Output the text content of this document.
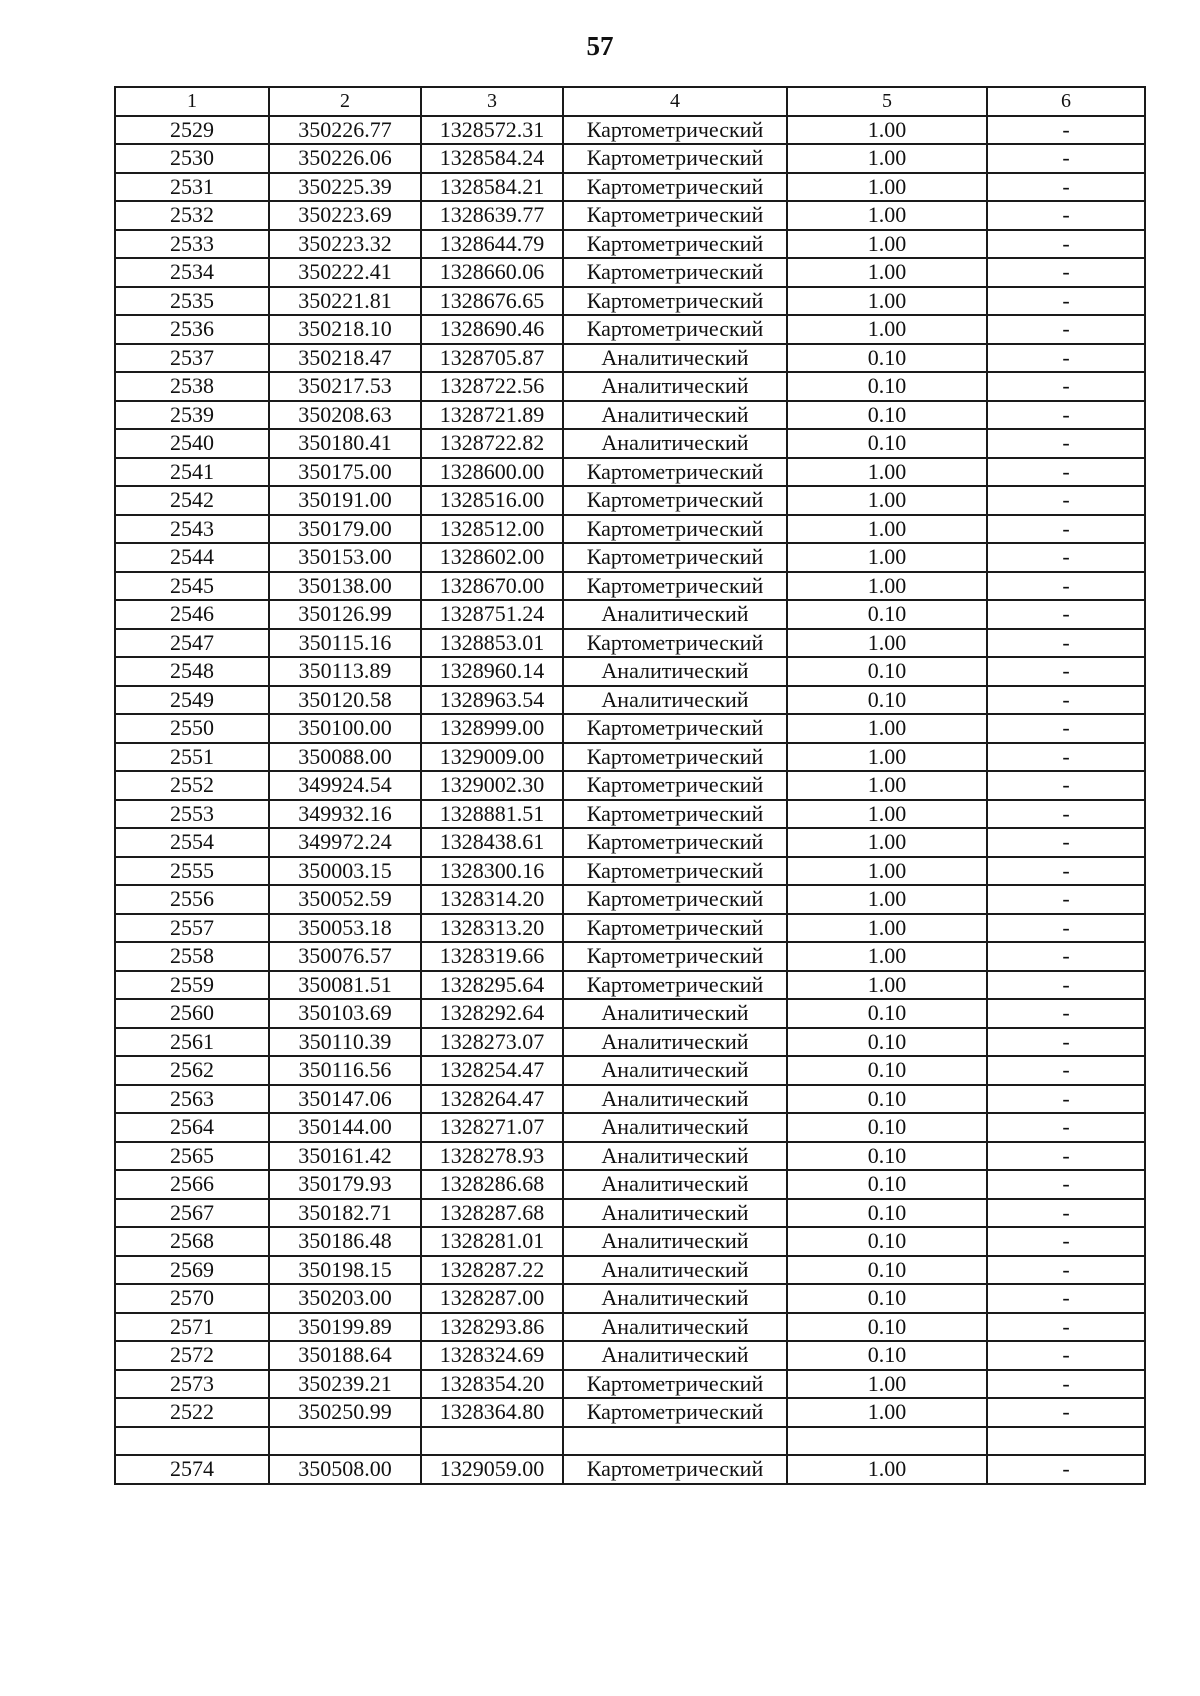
57
1	2	3	4	5	6
2529	350226.77	1328572.31	Картометрический	1.00	-
2530	350226.06	1328584.24	Картометрический	1.00	-
2531	350225.39	1328584.21	Картометрический	1.00	-
2532	350223.69	1328639.77	Картометрический	1.00	-
2533	350223.32	1328644.79	Картометрический	1.00	-
2534	350222.41	1328660.06	Картометрический	1.00	-
2535	350221.81	1328676.65	Картометрический	1.00	-
2536	350218.10	1328690.46	Картометрический	1.00	-
2537	350218.47	1328705.87	Аналитический	0.10	-
2538	350217.53	1328722.56	Аналитический	0.10	-
2539	350208.63	1328721.89	Аналитический	0.10	-
2540	350180.41	1328722.82	Аналитический	0.10	-
2541	350175.00	1328600.00	Картометрический	1.00	-
2542	350191.00	1328516.00	Картометрический	1.00	-
2543	350179.00	1328512.00	Картометрический	1.00	-
2544	350153.00	1328602.00	Картометрический	1.00	-
2545	350138.00	1328670.00	Картометрический	1.00	-
2546	350126.99	1328751.24	Аналитический	0.10	-
2547	350115.16	1328853.01	Картометрический	1.00	-
2548	350113.89	1328960.14	Аналитический	0.10	-
2549	350120.58	1328963.54	Аналитический	0.10	-
2550	350100.00	1328999.00	Картометрический	1.00	-
2551	350088.00	1329009.00	Картометрический	1.00	-
2552	349924.54	1329002.30	Картометрический	1.00	-
2553	349932.16	1328881.51	Картометрический	1.00	-
2554	349972.24	1328438.61	Картометрический	1.00	-
2555	350003.15	1328300.16	Картометрический	1.00	-
2556	350052.59	1328314.20	Картометрический	1.00	-
2557	350053.18	1328313.20	Картометрический	1.00	-
2558	350076.57	1328319.66	Картометрический	1.00	-
2559	350081.51	1328295.64	Картометрический	1.00	-
2560	350103.69	1328292.64	Аналитический	0.10	-
2561	350110.39	1328273.07	Аналитический	0.10	-
2562	350116.56	1328254.47	Аналитический	0.10	-
2563	350147.06	1328264.47	Аналитический	0.10	-
2564	350144.00	1328271.07	Аналитический	0.10	-
2565	350161.42	1328278.93	Аналитический	0.10	-
2566	350179.93	1328286.68	Аналитический	0.10	-
2567	350182.71	1328287.68	Аналитический	0.10	-
2568	350186.48	1328281.01	Аналитический	0.10	-
2569	350198.15	1328287.22	Аналитический	0.10	-
2570	350203.00	1328287.00	Аналитический	0.10	-
2571	350199.89	1328293.86	Аналитический	0.10	-
2572	350188.64	1328324.69	Аналитический	0.10	-
2573	350239.21	1328354.20	Картометрический	1.00	-
2522	350250.99	1328364.80	Картометрический	1.00	-

2574	350508.00	1329059.00	Картометрический	1.00	-
